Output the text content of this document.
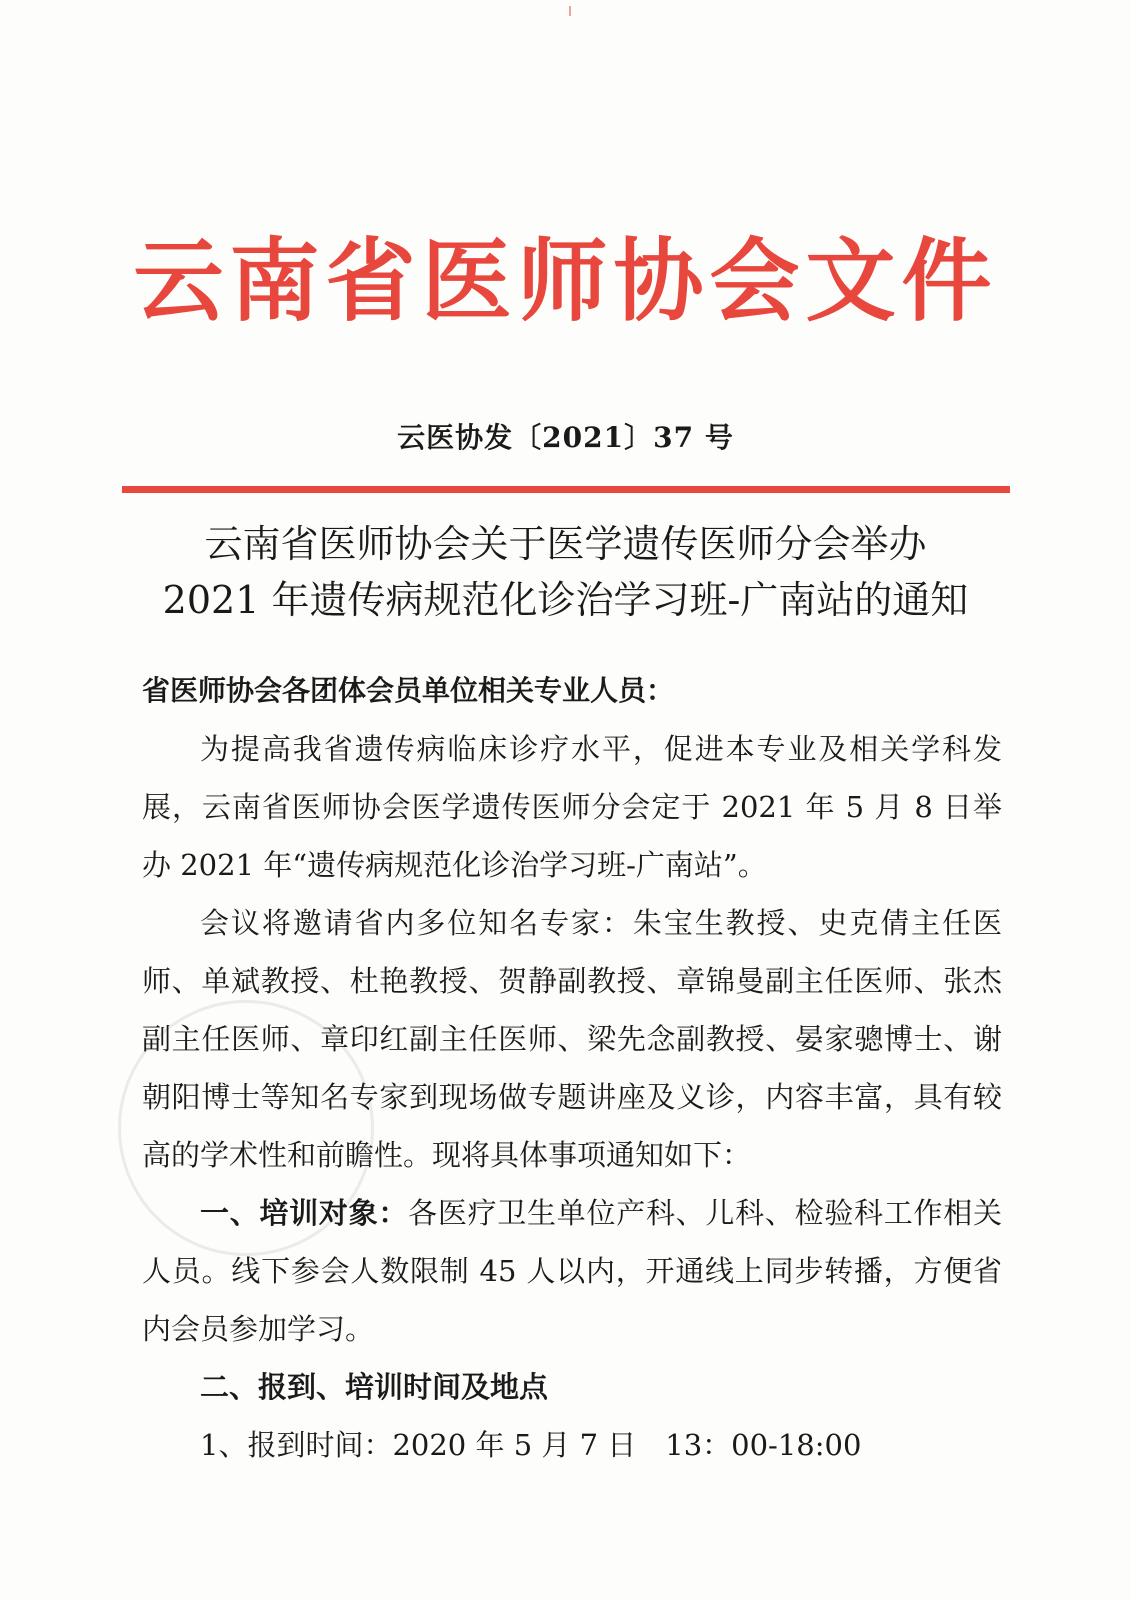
云南省医师协会文件
云医协发〔2021〕37 号
云南省医师协会关于医学遗传医师分会举办
2021 年遗传病规范化诊治学习班-广南站的通知

省医师协会各团体会员单位相关专业人员：

为提高我省遗传病临床诊疗水平，促进本专业及相关学科发展，云南省医师协会医学遗传医师分会定于 2021 年 5 月 8 日举办 2021 年“遗传病规范化诊治学习班-广南站”。

会议将邀请省内多位知名专家：朱宝生教授、史克倩主任医师、单斌教授、杜艳教授、贺静副教授、章锦曼副主任医师、张杰副主任医师、章印红副主任医师、梁先念副教授、晏家骢博士、谢朝阳博士等知名专家到现场做专题讲座及义诊，内容丰富，具有较高的学术性和前瞻性。现将具体事项通知如下：

一、培训对象：各医疗卫生单位产科、儿科、检验科工作相关人员。线下参会人数限制 45 人以内，开通线上同步转播，方便省内会员参加学习。

二、报到、培训时间及地点

1、报到时间：2020 年 5 月 7 日　13：00-18:00
